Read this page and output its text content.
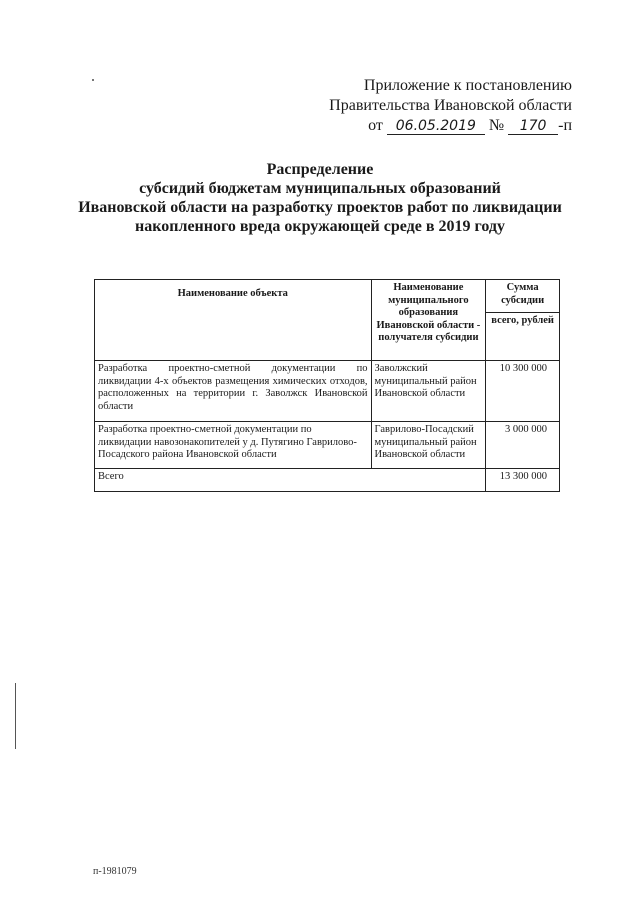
Приложение к постановлению
Правительства Ивановской области
от 06.05.2019 № 170 -п
Распределение
субсидий бюджетам муниципальных образований
Ивановской области на разработку проектов работ по ликвидации
накопленного вреда окружающей среде в 2019 году
Наименование объекта	Наименование муниципального образования Ивановской области - получателя субсидии	Сумма субсидии
		всего, рублей
Разработка проектно-сметной документации по ликвидации 4-х объектов размещения химических отходов, расположенных на территории г. Заволжск Ивановской области	Заволжский муниципальный район Ивановской области	10 300 000
Разработка проектно-сметной документации по ликвидации навозонакопителей у д. Путягино Гаврилово-Посадского района Ивановской области	Гаврилово-Посадский муниципальный район Ивановской области	3 000 000
Всего		13 300 000
п-1981079
